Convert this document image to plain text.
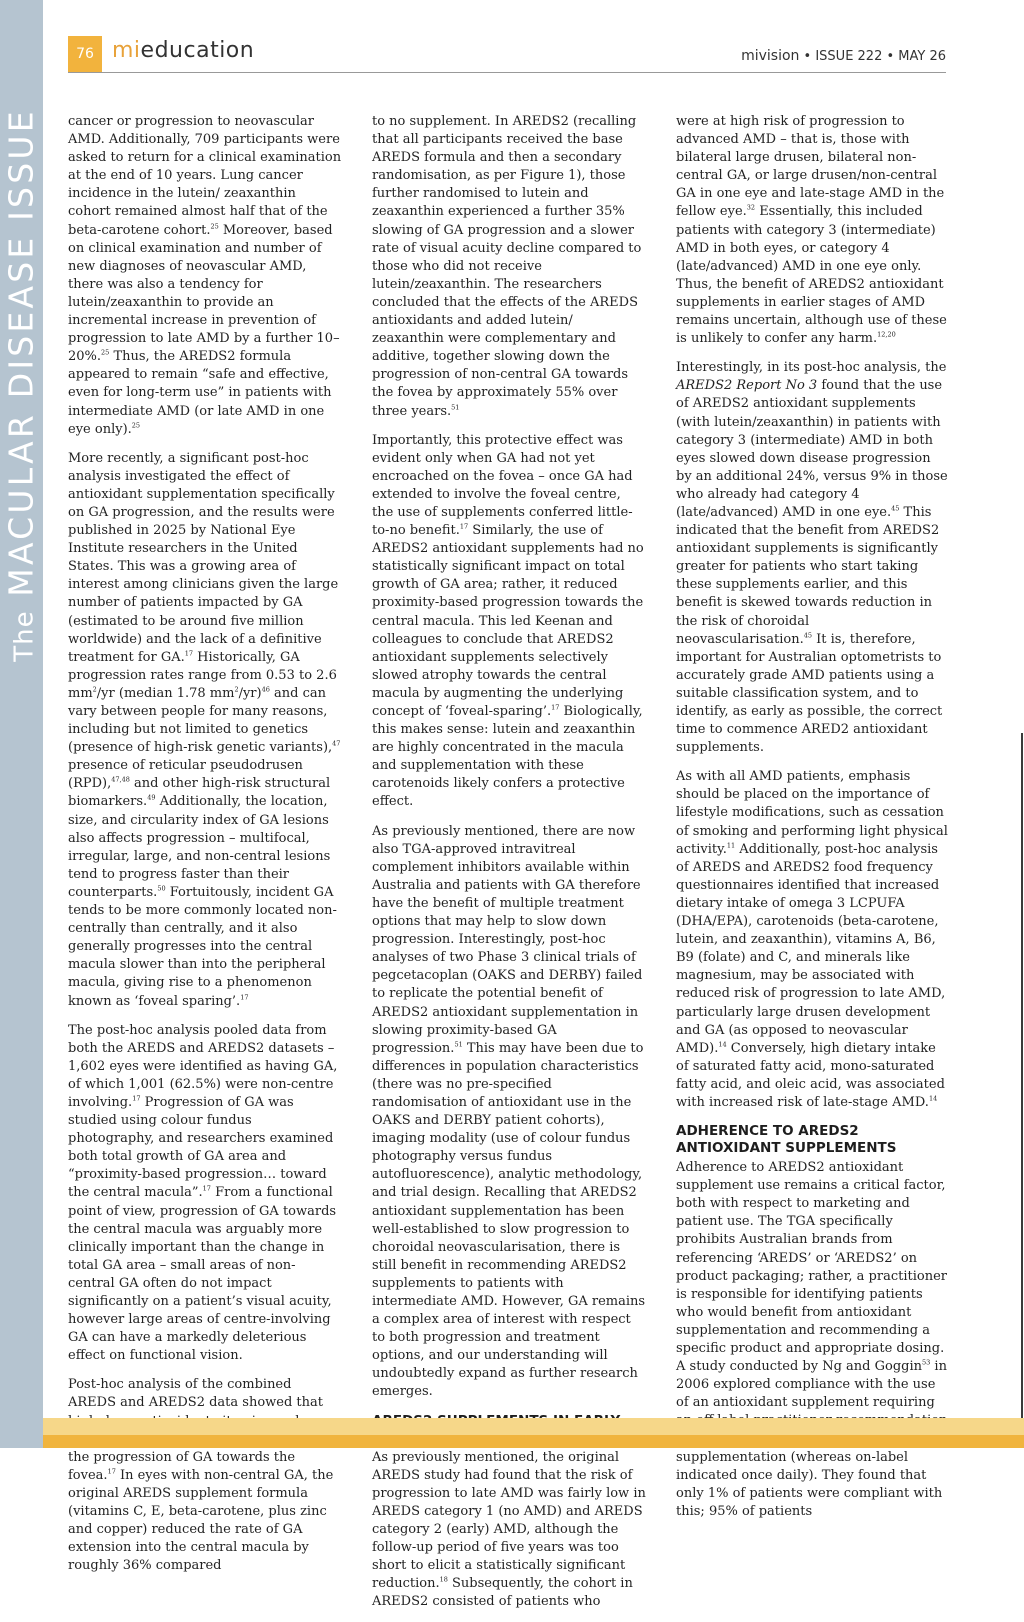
The MACULAR DISEASE ISSUE
76 mieducation	mivision • ISSUE 222 • MAY 26

cancer or progression to neovascular AMD. Additionally, 709 participants were asked to return for a clinical examination at the end of 10 years. Lung cancer incidence in the lutein/ zeaxanthin cohort remained almost half that of the beta-carotene cohort.$^{25}$ Moreover, based on clinical examination and number of new diagnoses of neovascular AMD, there was also a tendency for lutein/zeaxanthin to provide an incremental increase in prevention of progression to late AMD by a further 10–20%.$^{25}$ Thus, the AREDS2 formula appeared to remain “safe and effective, even for long-term use” in patients with intermediate AMD (or late AMD in one eye only).$^{25}$

More recently, a significant post-hoc analysis investigated the effect of antioxidant supplementation specifically on GA progression, and the results were published in 2025 by National Eye Institute researchers in the United States. This was a growing area of interest among clinicians given the large number of patients impacted by GA (estimated to be around five million worldwide) and the lack of a definitive treatment for GA.$^{17}$ Historically, GA progression rates range from 0.53 to 2.6 $mm^2/yr$ (median 1.78 $mm^2/yr)^{46}$ and can vary between people for many reasons, including but not limited to genetics (presence of high-risk genetic variants),$^{47}$ presence of reticular pseudodrusen (RPD),$^{47,48}$ and other high-risk structural biomarkers.$^{49}$ Additionally, the location, size, and circularity index of GA lesions also affects progression – multifocal, irregular, large, and non-central lesions tend to progress faster than their counterparts.$^{50}$ Fortuitously, incident GA tends to be more commonly located non-centrally than centrally, and it also generally progresses into the central macula slower than into the peripheral macula, giving rise to a phenomenon known as ‘foveal sparing’.$^{17}$

The post-hoc analysis pooled data from both the AREDS and AREDS2 datasets – 1,602 eyes were identified as having GA, of which 1,001 (62.5%) were non-centre involving.$^{17}$ Progression of GA was studied using colour fundus photography, and researchers examined both total growth of GA area and “proximity-based progression… toward the central macula”.$^{17}$ From a functional point of view, progression of GA towards the central macula was arguably more clinically important than the change in total GA area – small areas of non-central GA often do not impact significantly on a patient’s visual acuity, however large areas of centre-involving GA can have a markedly deleterious effect on functional vision.

Post-hoc analysis of the combined AREDS and AREDS2 data showed that the progression of GA towards the fovea.$^{17}$ In eyes with non-central GA, the original AREDS supplement formula (vitamins C, E, beta-carotene, plus zinc and copper) reduced the rate of GA extension into the central macula by roughly 36% compared

to no supplement. In AREDS2 (recalling that all participants received the base AREDS formula and then a secondary randomisation, as per Figure 1), those further randomised to lutein and zeaxanthin experienced a further 35% slowing of GA progression and a slower rate of visual acuity decline compared to those who did not receive lutein/zeaxanthin. The researchers concluded that the effects of the AREDS antioxidants and added lutein/ zeaxanthin were complementary and additive, together slowing down the progression of non-central GA towards the fovea by approximately 55% over three years.$^{51}$

Importantly, this protective effect was evident only when GA had not yet encroached on the fovea – once GA had extended to involve the foveal centre, the use of supplements conferred little-to-no benefit.$^{17}$ Similarly, the use of AREDS2 antioxidant supplements had no statistically significant impact on total growth of GA area; rather, it reduced proximity-based progression towards the central macula. This led Keenan and colleagues to conclude that AREDS2 antioxidant supplements selectively slowed atrophy towards the central macula by augmenting the underlying concept of ‘foveal-sparing’.$^{17}$ Biologically, this makes sense: lutein and zeaxanthin are highly concentrated in the macula and supplementation with these carotenoids likely confers a protective effect.

As previously mentioned, there are now also TGA-approved intravitreal complement inhibitors available within Australia and patients with GA therefore have the benefit of multiple treatment options that may help to slow down progression. Interestingly, post-hoc analyses of two Phase 3 clinical trials of pegcetacoplan (OAKS and DERBY) failed to replicate the potential benefit of AREDS2 antioxidant supplementation in slowing proximity-based GA progression.$^{51}$ This may have been due to differences in population characteristics (there was no pre-specified randomisation of antioxidant use in the OAKS and DERBY patient cohorts), imaging modality (use of colour fundus photography versus fundus autofluorescence), analytic methodology, and trial design. Recalling that AREDS2 antioxidant supplementation has been well-established to slow progression to choroidal neovascularisation, there is still benefit in recommending AREDS2 supplements to patients with intermediate AMD. However, GA remains a complex area of interest with respect to both progression and treatment options, and our understanding will undoubtedly expand as further research emerges.

As previously mentioned, the original AREDS study had found that the risk of progression to late AMD was fairly low in AREDS category 1 (no AMD) and AREDS category 2 (early) AMD, although the follow-up period of five years was too short to elicit a statistically significant reduction.$^{18}$ Subsequently, the cohort in AREDS2 consisted of patients who

were at high risk of progression to advanced AMD – that is, those with bilateral large drusen, bilateral non-central GA, or large drusen/non-central GA in one eye and late-stage AMD in the fellow eye.$^{32}$ Essentially, this included patients with category 3 (intermediate) AMD in both eyes, or category 4 (late/advanced) AMD in one eye only. Thus, the benefit of AREDS2 antioxidant supplements in earlier stages of AMD remains uncertain, although use of these is unlikely to confer any harm.$^{12,20}$

Interestingly, in its post-hoc analysis, the AREDS2 Report No 3 found that the use of AREDS2 antioxidant supplements (with lutein/zeaxanthin) in patients with category 3 (intermediate) AMD in both eyes slowed down disease progression by an additional 24%, versus 9% in those who already had category 4 (late/advanced) AMD in one eye.$^{45}$ This indicated that the benefit from AREDS2 antioxidant supplements is significantly greater for patients who start taking these supplements earlier, and this benefit is skewed towards reduction in the risk of choroidal neovascularisation.$^{45}$ It is, therefore, important for Australian optometrists to accurately grade AMD patients using a suitable classification system, and to identify, as early as possible, the correct time to commence ARED2 antioxidant supplements.

As with all AMD patients, emphasis should be placed on the importance of lifestyle modifications, such as cessation of smoking and performing light physical activity.$^{11}$ Additionally, post-hoc analysis of AREDS and AREDS2 food frequency questionnaires identified that increased dietary intake of omega 3 LCPUFA (DHA/EPA), carotenoids (beta-carotene, lutein, and zeaxanthin), vitamins A, B6, B9 (folate) and C, and minerals like magnesium, may be associated with reduced risk of progression to late AMD, particularly large drusen development and GA (as opposed to neovascular AMD).$^{14}$ Conversely, high dietary intake of saturated fatty acid, mono-saturated fatty acid, and oleic acid, was associated with increased risk of late-stage AMD.$^{14}$

ADHERENCE TO AREDS2
ANTIOXIDANT SUPPLEMENTS

Adherence to AREDS2 antioxidant supplement use remains a critical factor, both with respect to marketing and patient use. The TGA specifically prohibits Australian brands from referencing ‘AREDS’ or ‘AREDS2’ on product packaging; rather, a practitioner is responsible for identifying patients who would benefit from antioxidant supplementation and recommending a specific product and appropriate dosing. A study conducted by Ng and Goggin$^{53}$ in 2006 explored compliance with the use of an antioxidant supplement requiring supplementation (whereas on-label indicated once daily). They found that only 1% of patients were compliant with this; 95% of patients
